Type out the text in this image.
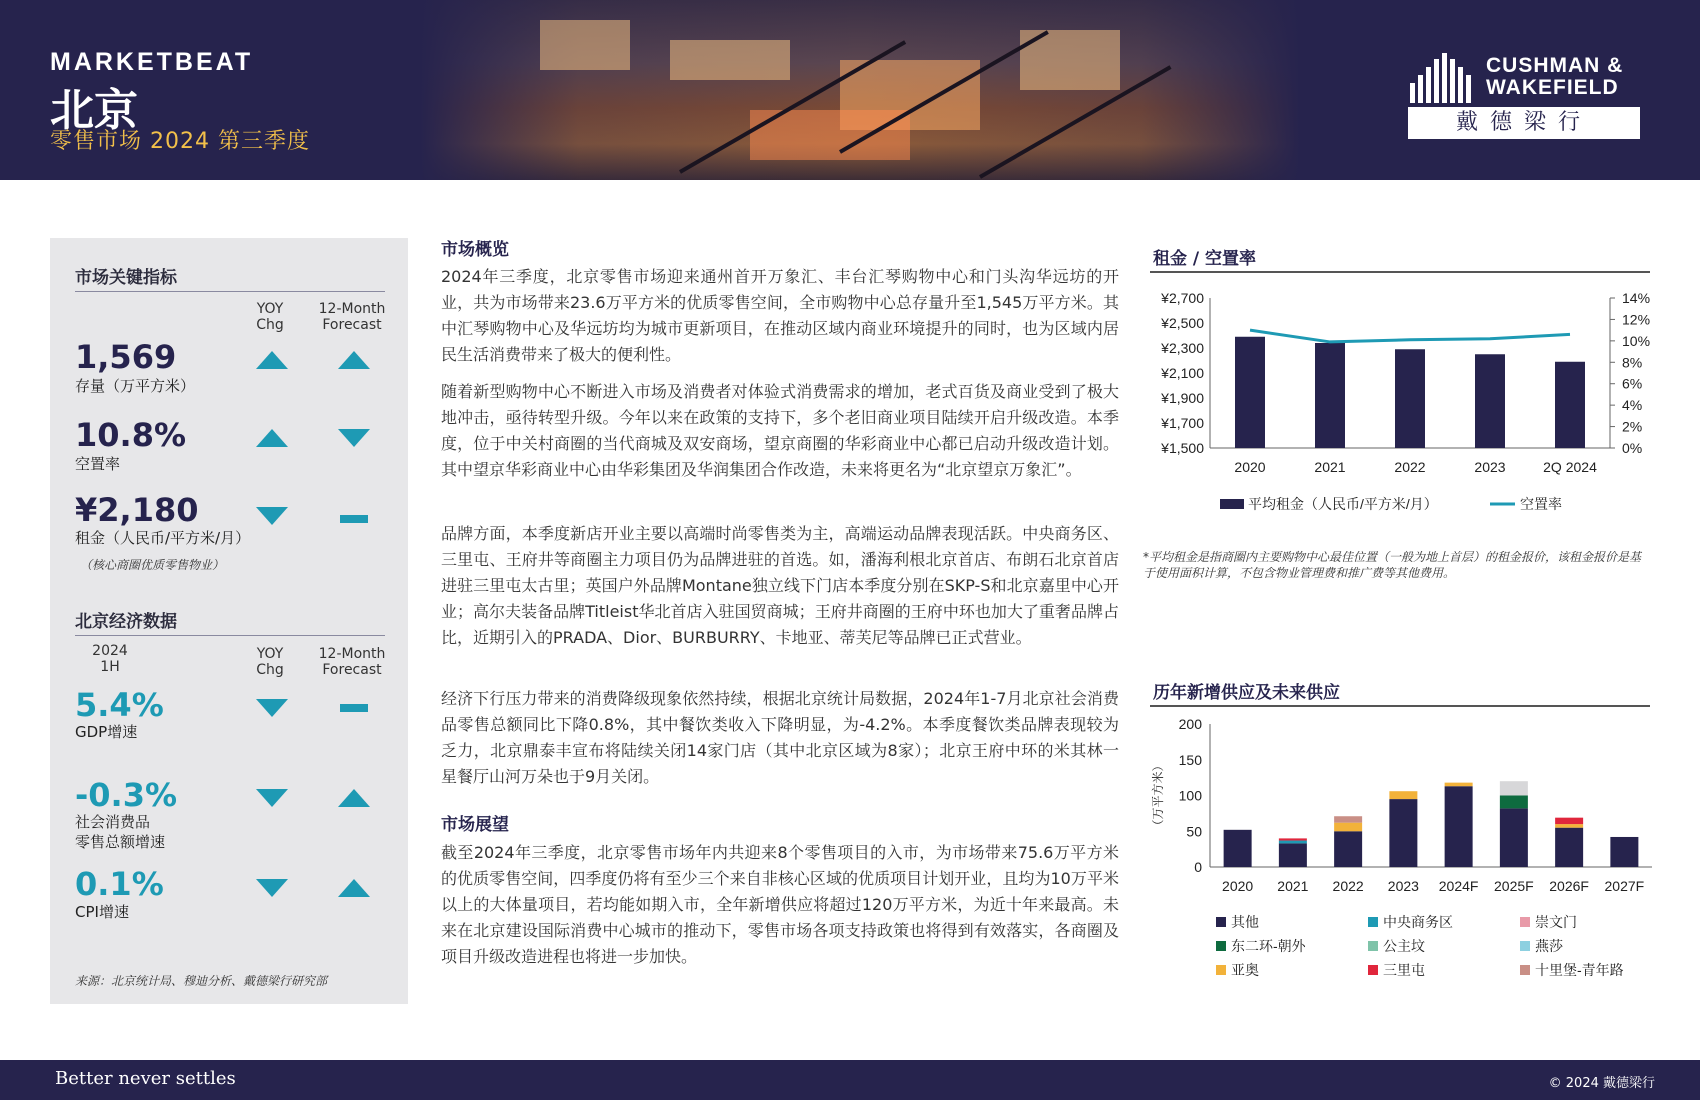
MARKETBEAT
北京
零售市场 2024 第三季度
CUSHMAN &
WAKEFIELD
戴德梁行
市场关键指标
YOY
Chg
12-Month
Forecast
1,569
存量（万平方米）
10.8%
空置率
¥2,180
租金（人民币/平方米/月）
（核心商圈优质零售物业）
北京经济数据
2024
1H
YOY
Chg
12-Month
Forecast
5.4%
GDP增速
-0.3%
社会消费品
零售总额增速
0.1%
CPI增速
来源：北京统计局、穆迪分析、戴德梁行研究部
市场概览
2024年三季度，北京零售市场迎来通州首开万象汇、丰台汇琴购物中心和门头沟华远坊的开业，共为市场带来23.6万平方米的优质零售空间，全市购物中心总存量升至1,545万平方米。其中汇琴购物中心及华远坊均为城市更新项目，在推动区域内商业环境提升的同时，也为区域内居民生活消费带来了极大的便利性。
随着新型购物中心不断进入市场及消费者对体验式消费需求的增加，老式百货及商业受到了极大地冲击，亟待转型升级。今年以来在政策的支持下，多个老旧商业项目陆续开启升级改造。本季度，位于中关村商圈的当代商城及双安商场，望京商圈的华彩商业中心都已启动升级改造计划。其中望京华彩商业中心由华彩集团及华润集团合作改造，未来将更名为“北京望京万象汇”。
品牌方面，本季度新店开业主要以高端时尚零售类为主，高端运动品牌表现活跃。中央商务区、三里屯、王府井等商圈主力项目仍为品牌进驻的首选。如，潘海利根北京首店、布朗石北京首店进驻三里屯太古里；英国户外品牌Montane独立线下门店本季度分别在SKP-S和北京嘉里中心开业；高尔夫装备品牌Titleist华北首店入驻国贸商城；王府井商圈的王府中环也加大了重奢品牌占比，近期引入的PRADA、Dior、BURBURRY、卡地亚、蒂芙尼等品牌已正式营业。
经济下行压力带来的消费降级现象依然持续，根据北京统计局数据，2024年1-7月北京社会消费品零售总额同比下降0.8%，其中餐饮类收入下降明显，为-4.2%。本季度餐饮类品牌表现较为乏力，北京鼎泰丰宣布将陆续关闭14家门店（其中北京区域为8家）；北京王府中环的米其林一星餐厅山河万朵也于9月关闭。
市场展望
截至2024年三季度，北京零售市场年内共迎来8个零售项目的入市，为市场带来75.6万平方米的优质零售空间，四季度仍将有至少三个来自非核心区域的优质项目计划开业，且均为10万平米以上的大体量项目，若均能如期入市，全年新增供应将超过120万平方米，为近十年来最高。未来在北京建设国际消费中心城市的推动下，零售市场各项支持政策也将得到有效落实，各商圈及项目升级改造进程也将进一步加快。
租金 / 空置率
¥1,500
¥1,700
¥1,900
¥2,100
¥2,300
¥2,500
¥2,700
0%
2%
4%
6%
8%
10%
12%
14%
2020	2021	2022	2023	2Q 2024
平均租金（人民币/平方米/月）	空置率
*平均租金是指商圈内主要购物中心最佳位置（一般为地上首层）的租金报价，该租金报价是基于使用面积计算，不包含物业管理费和推广费等其他费用。
历年新增供应及未来供应
0
50
100
150
200
（万平方米）
2020 2021 2022 2023 2024F 2025F 2026F 2027F
其他	中央商务区	崇文门
东二环-朝外	公主坟	燕莎
亚奥	三里屯	十里堡-青年路
Better never settles	© 2024 戴德梁行
